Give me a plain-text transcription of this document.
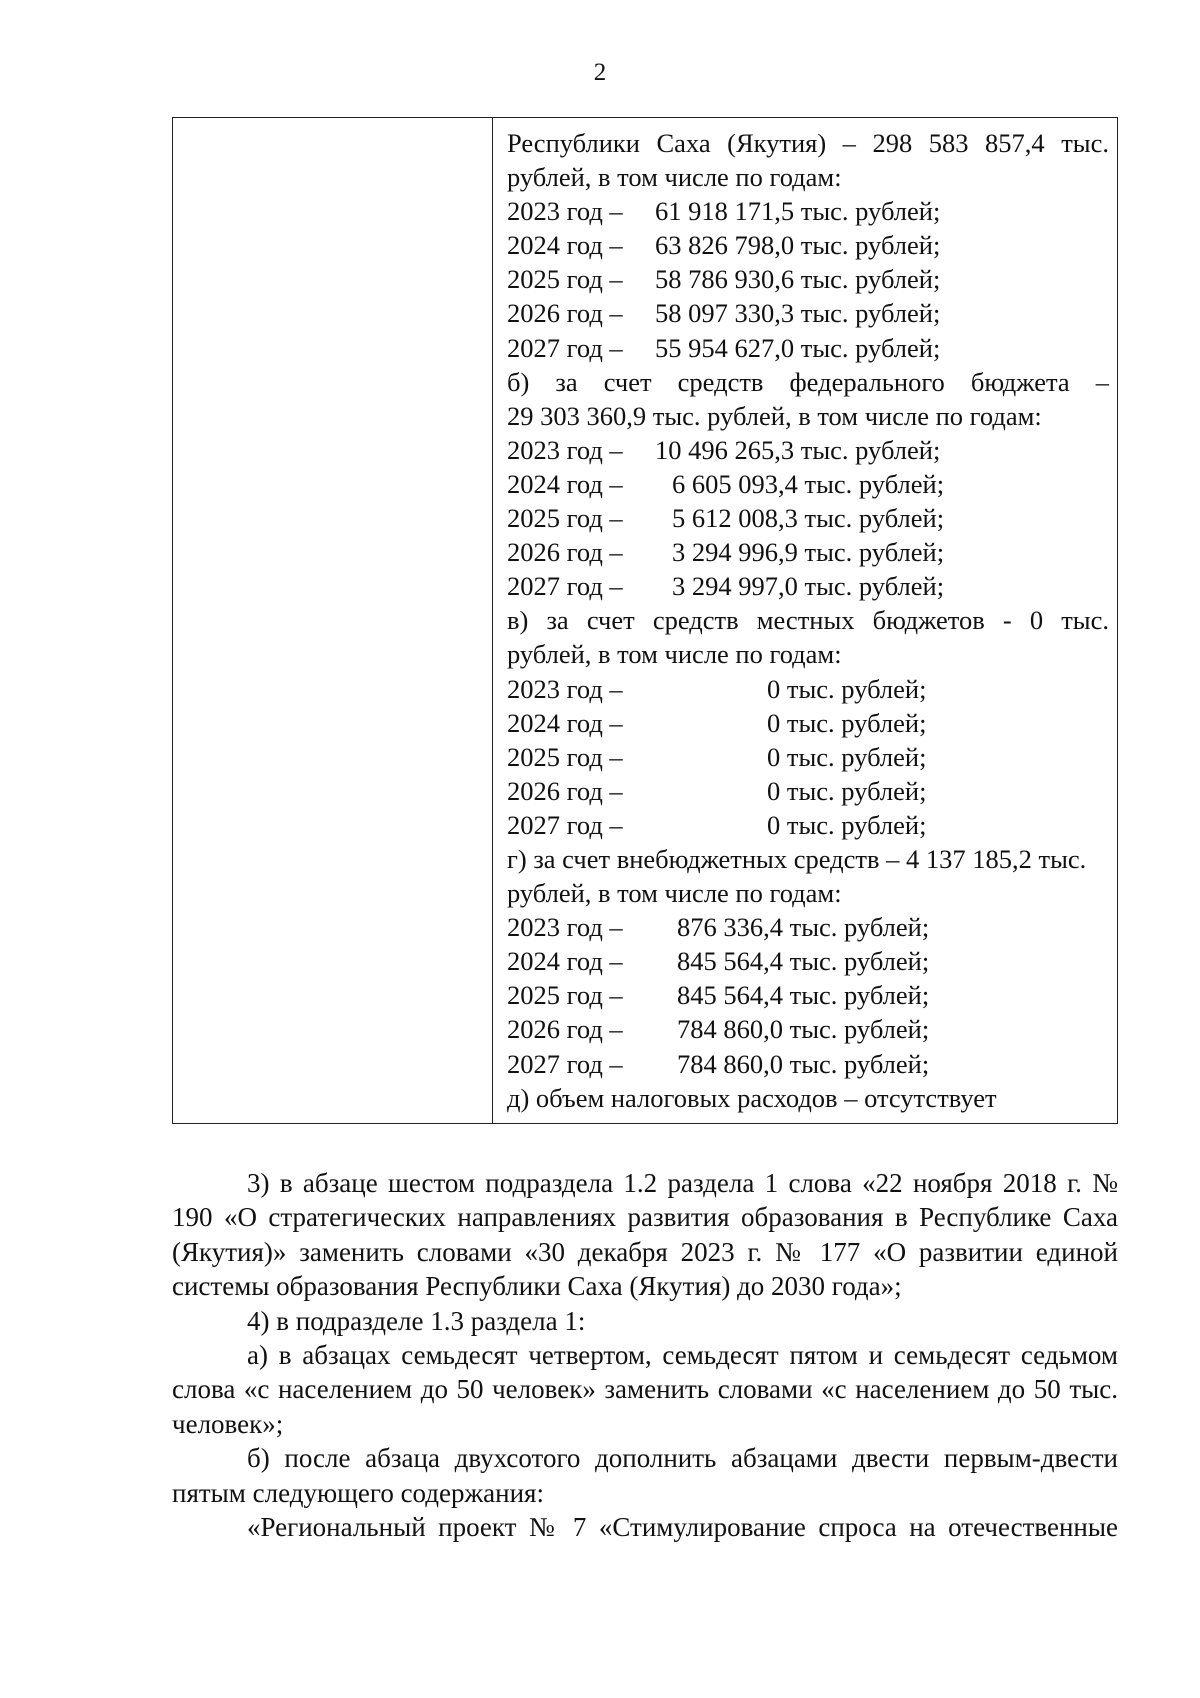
2

Республики Саха (Якутия) – 298 583 857,4 тыс.
рублей, в том числе по годам:
2023 год – 61 918 171,5 тыс. рублей;
2024 год – 63 826 798,0 тыс. рублей;
2025 год – 58 786 930,6 тыс. рублей;
2026 год – 58 097 330,3 тыс. рублей;
2027 год – 55 954 627,0 тыс. рублей;
б) за счет средств федерального бюджета –
29 303 360,9 тыс. рублей, в том числе по годам:
2023 год – 10 496 265,3 тыс. рублей;
2024 год – 6 605 093,4 тыс. рублей;
2025 год – 5 612 008,3 тыс. рублей;
2026 год – 3 294 996,9 тыс. рублей;
2027 год – 3 294 997,0 тыс. рублей;
в) за счет средств местных бюджетов - 0 тыс.
рублей, в том числе по годам:
2023 год –	0 тыс. рублей;
2024 год –	0 тыс. рублей;
2025 год –	0 тыс. рублей;
2026 год –	0 тыс. рублей;
2027 год –	0 тыс. рублей;
г) за счет внебюджетных средств – 4 137 185,2 тыс.
рублей, в том числе по годам:
2023 год – 876 336,4 тыс. рублей;
2024 год – 845 564,4 тыс. рублей;
2025 год – 845 564,4 тыс. рублей;
2026 год – 784 860,0 тыс. рублей;
2027 год – 784 860,0 тыс. рублей;
д) объем налоговых расходов – отсутствует

3) в абзаце шестом подраздела 1.2 раздела 1 слова «22 ноября 2018 г. № 190 «О стратегических направлениях развития образования в Республике Саха (Якутия)» заменить словами «30 декабря 2023 г. № 177 «О развитии единой системы образования Республики Саха (Якутия) до 2030 года»;

4) в подразделе 1.3 раздела 1:

а) в абзацах семьдесят четвертом, семьдесят пятом и семьдесят седьмом слова «с населением до 50 человек» заменить словами «с населением до 50 тыс. человек»;

б) после абзаца двухсотого дополнить абзацами двести первым-двести пятым следующего содержания:

«Региональный проект № 7 «Стимулирование спроса на отечественные
